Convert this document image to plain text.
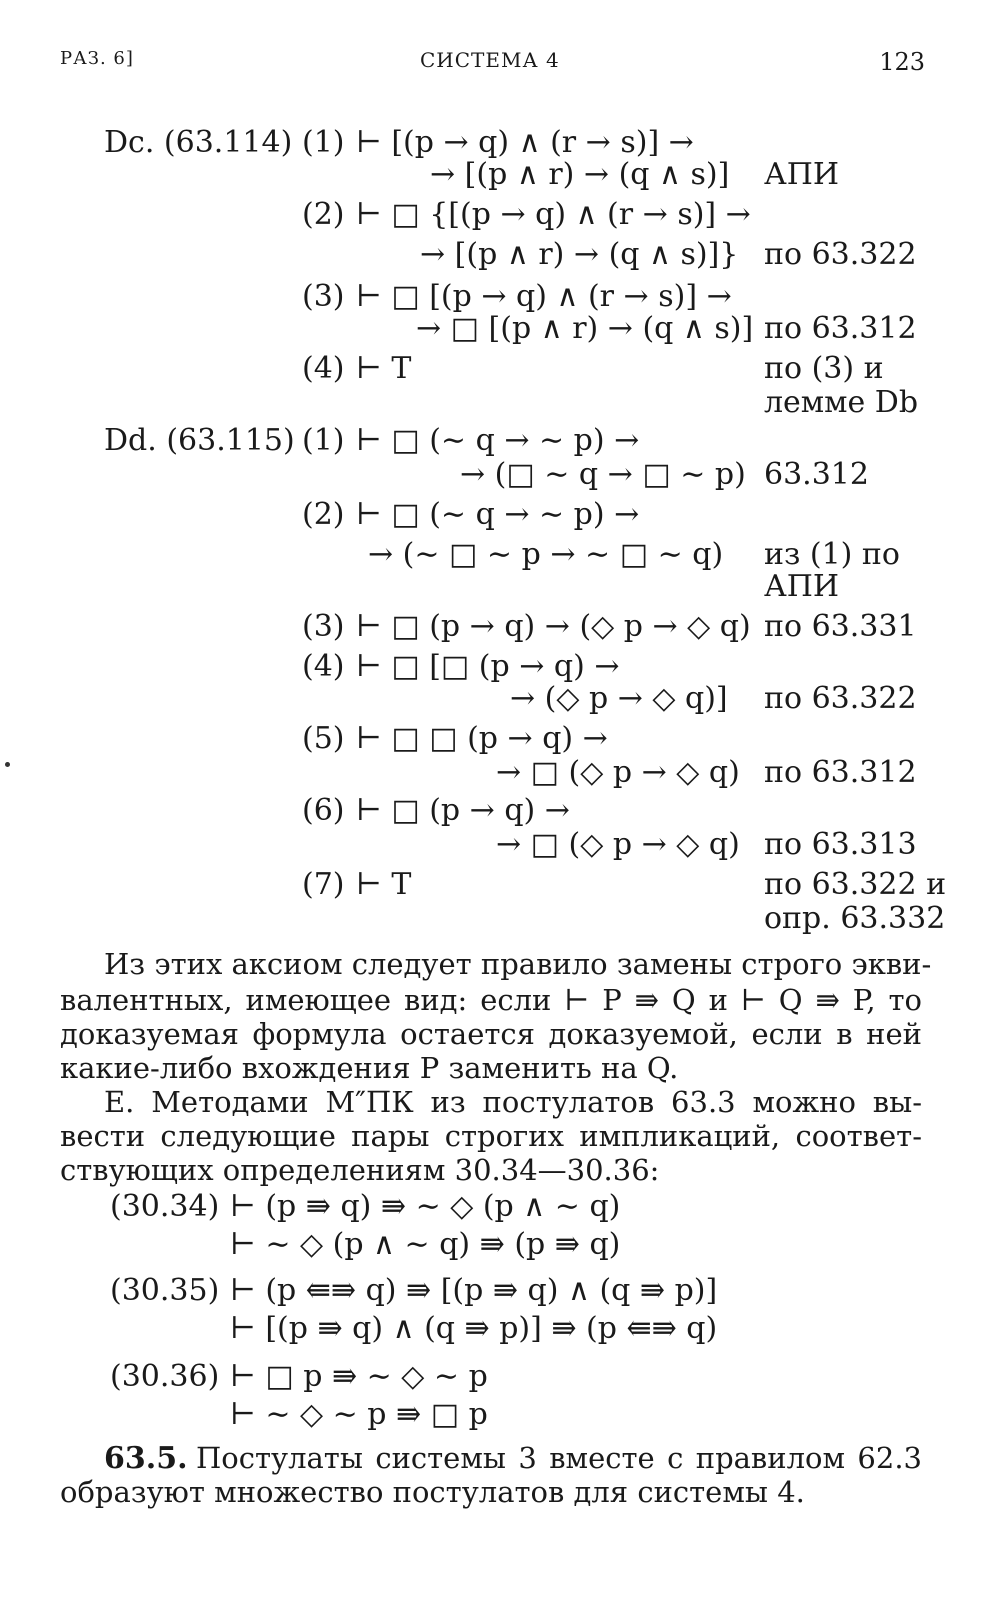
РАЗ. 6]	СИСТЕМА 4	123
Dc. (63.114) (1) ⊢ [(p → q) ∧ (r → s)] →
→ [(p ∧ r) → (q ∧ s)] АПИ
(2) ⊢ □ {[(p → q) ∧ (r → s)] →
→ [(p ∧ r) → (q ∧ s)]} по 63.322
(3) ⊢ □ [(p → q) ∧ (r → s)] →
→ □ [(p ∧ r) → (q ∧ s)] по 63.312
(4) ⊢ T	по (3) и
лемме Db
Dd. (63.115) (1) ⊢ □ (∼ q → ∼ p) →
→ (□ ∼ q → □ ∼ p) 63.312
(2) ⊢ □ (∼ q → ∼ p) →
→ (∼ □ ∼ p → ∼ □ ∼ q) из (1) по
АПИ
(3) ⊢ □ (p → q) → (◇ p → ◇ q) по 63.331
(4) ⊢ □ [□ (p → q) →
→ (◇ p → ◇ q)] по 63.322
(5) ⊢ □ □ (p → q) →
→ □ (◇ p → ◇ q) по 63.312
(6) ⊢ □ (p → q) →
→ □ (◇ p → ◇ q) по 63.313
(7) ⊢ T	по 63.322 и
опр. 63.332
Из этих аксиом следует правило замены строго экви-
валентных, имеющее вид: если ⊢ P ⇛ Q и ⊢ Q ⇛ P, то
доказуемая формула остается доказуемой, если в ней
какие-либо вхождения P заменить на Q.
E. Методами M″ПК из постулатов 63.3 можно вы-
вести следующие пары строгих импликаций, соответ-
ствующих определениям 30.34—30.36:
(30.34) ⊢ (p ⇛ q) ⇛ ∼ ◇ (p ∧ ∼ q)
⊢ ∼ ◇ (p ∧ ∼ q) ⇛ (p ⇛ q)
(30.35) ⊢ (p ⇚⇛ q) ⇛ [(p ⇛ q) ∧ (q ⇛ p)]
⊢ [(p ⇛ q) ∧ (q ⇛ p)] ⇛ (p ⇚⇛ q)
(30.36) ⊢ □ p ⇛ ∼ ◇ ∼ p
⊢ ∼ ◇ ∼ p ⇛ □ p
63.5. Постулаты системы 3 вместе с правилом 62.3
образуют множество постулатов для системы 4.
